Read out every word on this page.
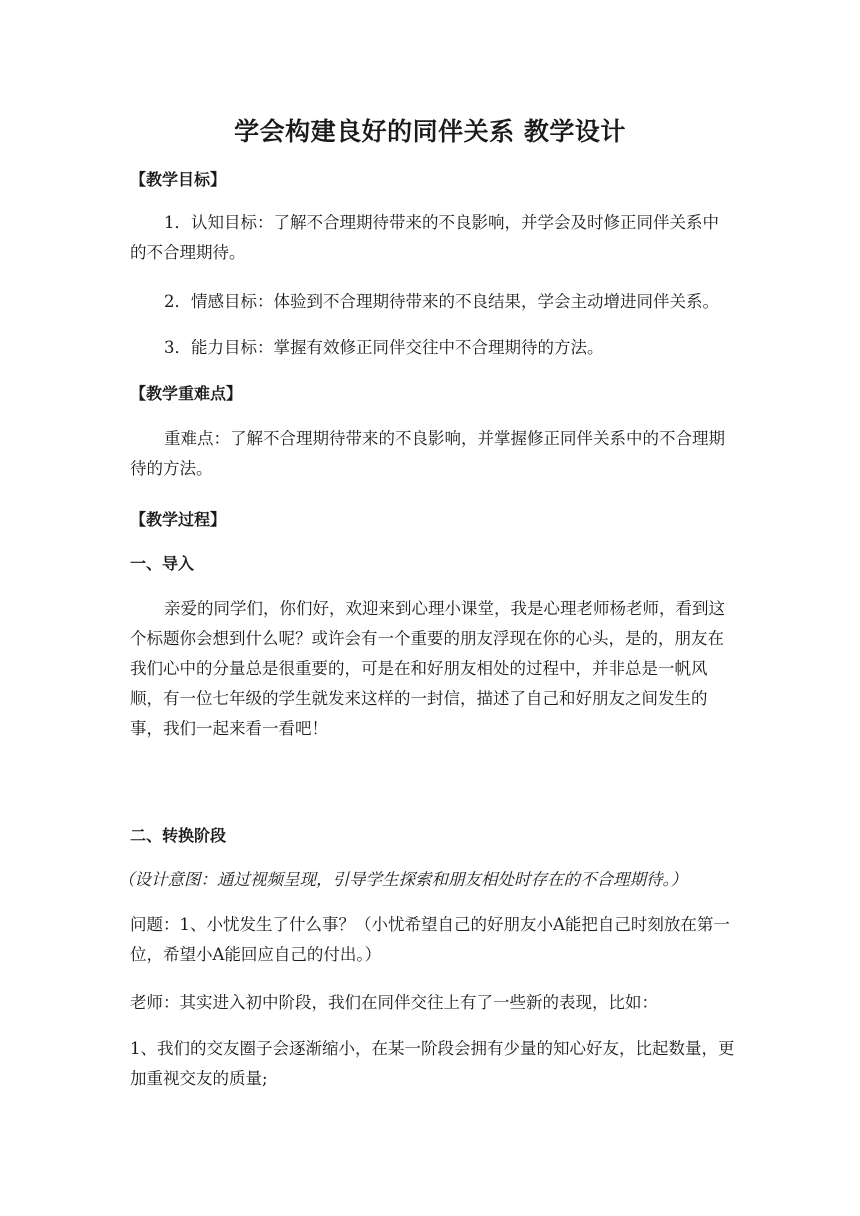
学会构建良好的同伴关系 教学设计

【教学目标】

1．认知目标：了解不合理期待带来的不良影响，并学会及时修正同伴关系中的不合理期待。

2．情感目标：体验到不合理期待带来的不良结果，学会主动增进同伴关系。

3．能力目标：掌握有效修正同伴交往中不合理期待的方法。

【教学重难点】

重难点：了解不合理期待带来的不良影响，并掌握修正同伴关系中的不合理期待的方法。

【教学过程】

一、导入

亲爱的同学们，你们好，欢迎来到心理小课堂，我是心理老师杨老师，看到这个标题你会想到什么呢？或许会有一个重要的朋友浮现在你的心头，是的，朋友在我们心中的分量总是很重要的，可是在和好朋友相处的过程中，并非总是一帆风顺，有一位七年级的学生就发来这样的一封信，描述了自己和好朋友之间发生的事，我们一起来看一看吧！

二、转换阶段

（设计意图：通过视频呈现，引导学生探索和朋友相处时存在的不合理期待。）

问题：1、小忧发生了什么事？（小忧希望自己的好朋友小A能把自己时刻放在第一位，希望小A能回应自己的付出。）

老师：其实进入初中阶段，我们在同伴交往上有了一些新的表现，比如：

1、我们的交友圈子会逐渐缩小，在某一阶段会拥有少量的知心好友，比起数量，更加重视交友的质量;
